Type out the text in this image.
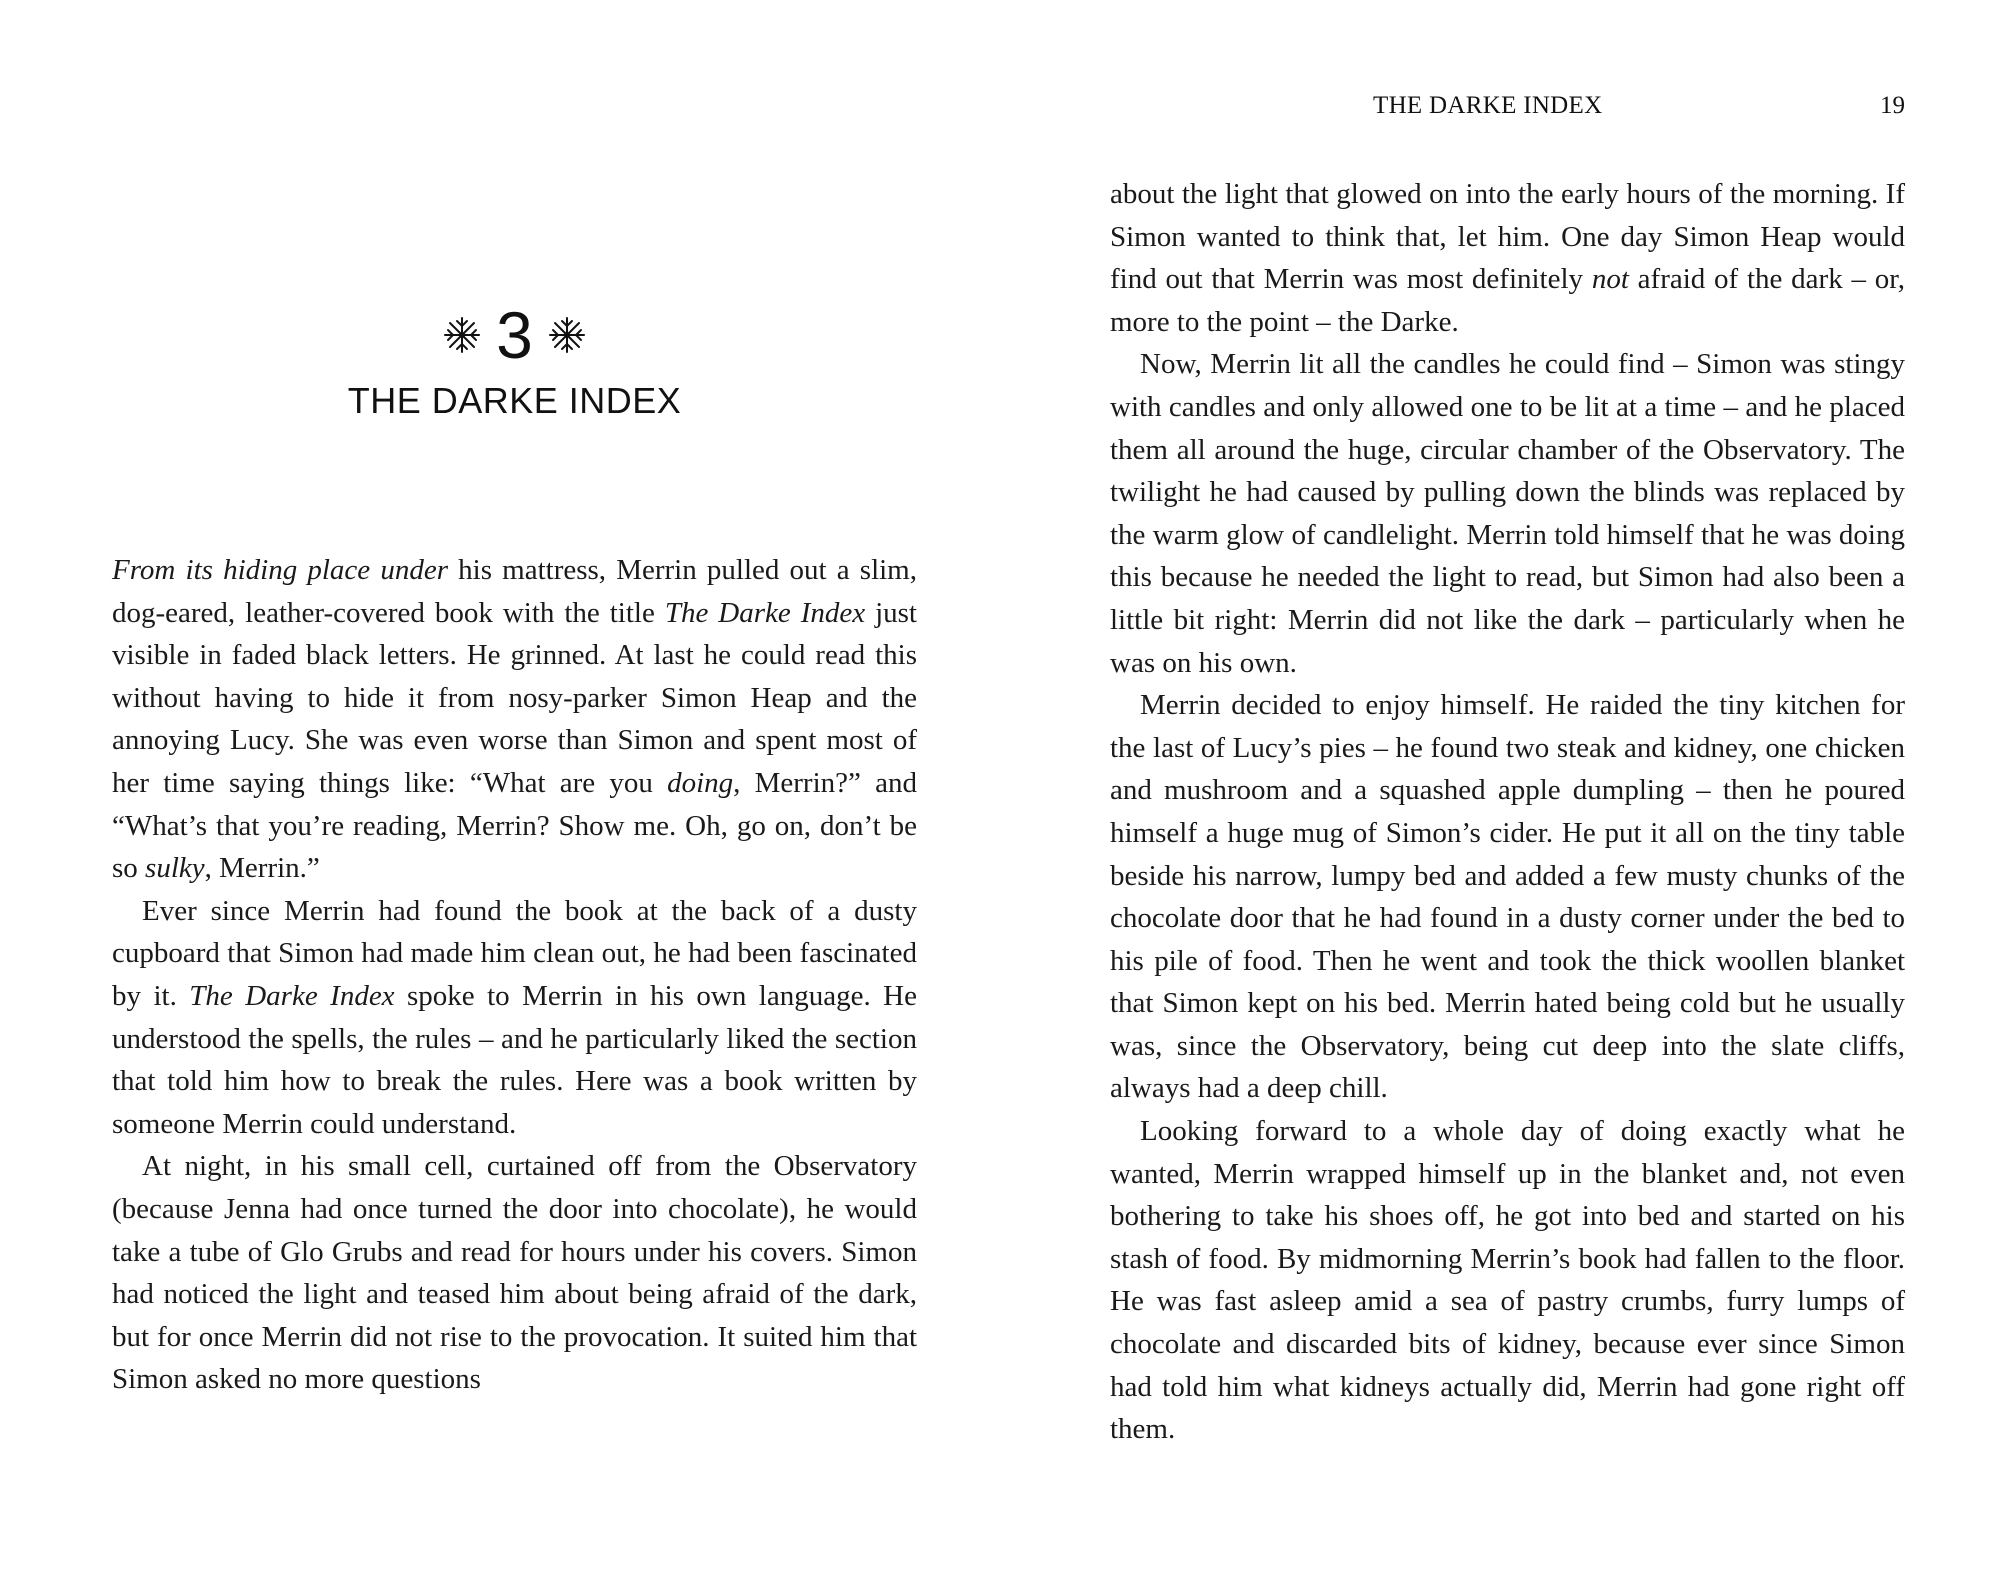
3
THE DARKE INDEX

From its hiding place under his mattress, Merrin pulled out a slim, dog-eared, leather-covered book with the title The Darke Index just visible in faded black letters. He grinned. At last he could read this without having to hide it from nosy-parker Simon Heap and the annoying Lucy. She was even worse than Simon and spent most of her time saying things like: “What are you doing, Merrin?” and “What’s that you’re reading, Merrin? Show me. Oh, go on, don’t be so sulky, Merrin.”

Ever since Merrin had found the book at the back of a dusty cupboard that Simon had made him clean out, he had been fascinated by it. The Darke Index spoke to Merrin in his own language. He understood the spells, the rules – and he particularly liked the section that told him how to break the rules. Here was a book written by someone Merrin could understand.

At night, in his small cell, curtained off from the Observatory (because Jenna had once turned the door into chocolate), he would take a tube of Glo Grubs and read for hours under his covers. Simon had noticed the light and teased him about being afraid of the dark, but for once Merrin did not rise to the provocation. It suited him that Simon asked no more questions

THE DARKE INDEX	19

about the light that glowed on into the early hours of the morning. If Simon wanted to think that, let him. One day Simon Heap would find out that Merrin was most definitely not afraid of the dark – or, more to the point – the Darke.

Now, Merrin lit all the candles he could find – Simon was stingy with candles and only allowed one to be lit at a time – and he placed them all around the huge, circular chamber of the Observatory. The twilight he had caused by pulling down the blinds was replaced by the warm glow of candlelight. Merrin told himself that he was doing this because he needed the light to read, but Simon had also been a little bit right: Merrin did not like the dark – particularly when he was on his own.

Merrin decided to enjoy himself. He raided the tiny kitchen for the last of Lucy’s pies – he found two steak and kidney, one chicken and mushroom and a squashed apple dumpling – then he poured himself a huge mug of Simon’s cider. He put it all on the tiny table beside his narrow, lumpy bed and added a few musty chunks of the chocolate door that he had found in a dusty corner under the bed to his pile of food. Then he went and took the thick woollen blanket that Simon kept on his bed. Merrin hated being cold but he usually was, since the Observatory, being cut deep into the slate cliffs, always had a deep chill.

Looking forward to a whole day of doing exactly what he wanted, Merrin wrapped himself up in the blanket and, not even bothering to take his shoes off, he got into bed and started on his stash of food. By midmorning Merrin’s book had fallen to the floor. He was fast asleep amid a sea of pastry crumbs, furry lumps of chocolate and discarded bits of kidney, because ever since Simon had told him what kidneys actually did, Merrin had gone right off them.
